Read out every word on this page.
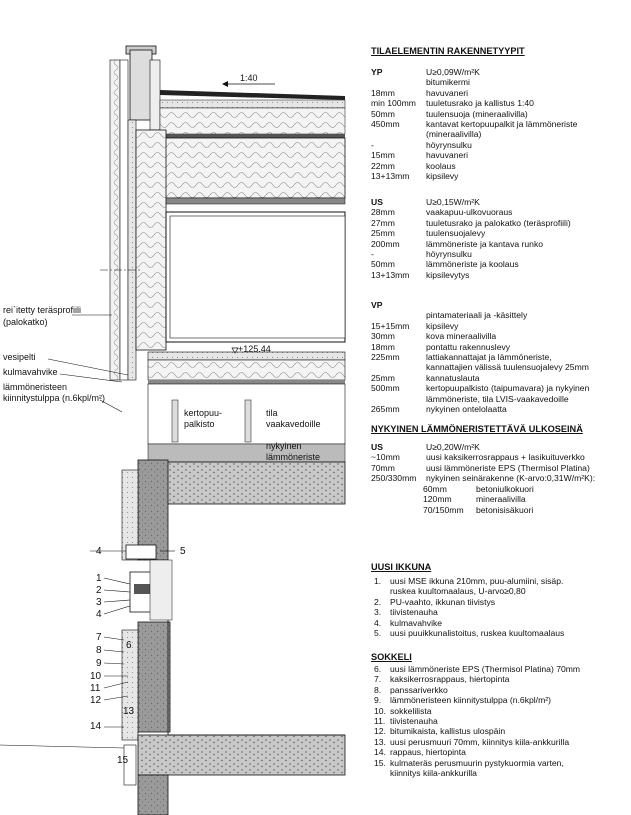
1:40
+125.44
rei`itetty teräsprofiili
(palokatko)
vesipelti
kulmavahvike
lämmöneristeen
kiinnitystulppa (n.6kpl/m²)
kertopuu-
palkisto
tila
vaakavedoille
nykyinen
lämmöneriste
4	5
1
2
3
4
7
6
8
9
10
11
12
13
14
15
TILAELEMENTIN RAKENNETYYPIT
YP	U≥0,09W/m²K
bitumikermi
18mm	havuvaneri
min 100mm tuuletusrako ja kallistus 1:40
50mm	tuulensuoja (mineraalivilla)
450mm	kantavat kertopuupalkit ja lämmöneriste
(mineraalivilla)
-	höyrynsulku
15mm	havuvaneri
22mm	koolaus
13+13mm kipsilevy
US	U≥0,15W/m²K
28mm	vaakapuu-ulkovuoraus
27mm	tuuletusrako ja palokatko (teräsprofiili)
25mm	tuulensuojalevy
200mm	lämmöneriste ja kantava runko
-	höyrynsulku
50mm	lämmöneriste ja koolaus
13+13mm kipsilevytys
VP
pintamateriaali ja -käsittely
15+15mm kipsilevy
30mm	kova mineraalivilla
18mm	pontattu rakennuslevy
225mm	lattiakannattajat ja lämmöneriste,
kannattajien välissä tuulensuojalevy 25mm
25mm	kannatuslauta
500mm	kertopuupalkisto (taipumavara) ja nykyinen
lämmöneriste, tila LVIS-vaakavedoille
265mm	nykyinen ontelolaatta
NYKYINEN LÄMMÖNERISTETTÄVÄ ULKOSEINÄ
US	U≥0,20W/m²K
~10mm	uusi kaksikerrosrappaus + lasikuituverkko
70mm	uusi lämmöneriste EPS (Thermisol Platina)
250/330mm nykyinen seinärakenne (K-arvo:0,31W/m²K):
60mm	betoniulkokuori
120mm	mineraalivilla
70/150mm betonisisäkuori
UUSI IKKUNA
1. uusi MSE ikkuna 210mm, puu-alumiini, sisäp.
ruskea kuultomaalaus, U-arvo≥0,80
2. PU-vaahto, ikkunan tiivistys
3. tiivistenauha
4. kulmavahvike
5. uusi puuikkunalistoitus, ruskea kuultomaalaus
SOKKELI
6. uusi lämmöneriste EPS (Thermisol Platina) 70mm
7. kaksikerrosrappaus, hiertopinta
8. panssariverkko
9. lämmöneristeen kiinnitystulppa (n.6kpl/m²)
10. sokkelilista
11. tiivistenauha
12. bitumikaista, kallistus ulospäin
13. uusi perusmuuri 70mm, kiinnitys kiila-ankkurilla
14. rappaus, hiertopinta
15. kulmateräs perusmuurin pystykuormia varten,
kiinnitys kiila-ankkurilla
